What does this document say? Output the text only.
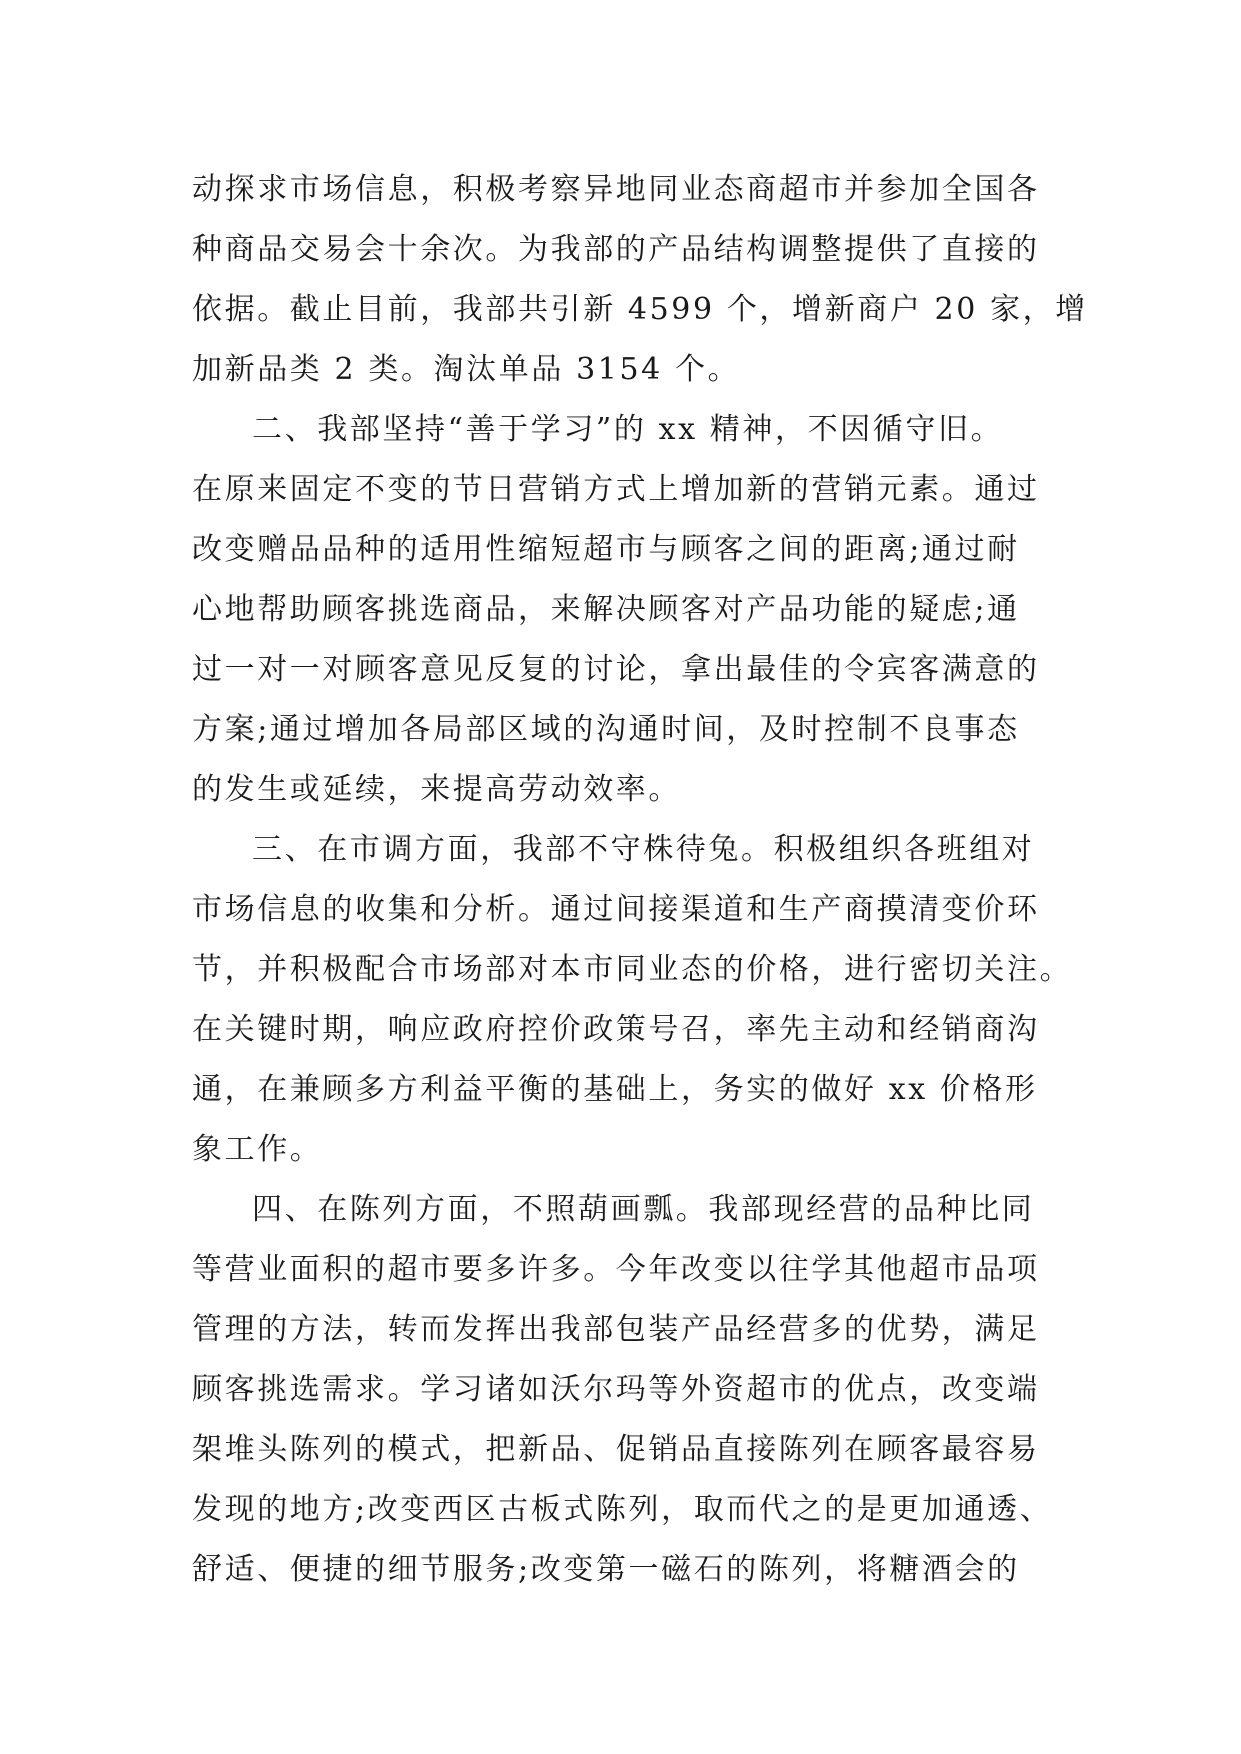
动探求市场信息，积极考察异地同业态商超市并参加全国各
种商品交易会十余次。为我部的产品结构调整提供了直接的
依据。截止目前，我部共引新 4599 个，增新商户 20 家，增
加新品类 2 类。淘汰单品 3154 个。
二、我部坚持“善于学习”的 xx 精神，不因循守旧。
在原来固定不变的节日营销方式上增加新的营销元素。通过
改变赠品品种的适用性缩短超市与顾客之间的距离;通过耐
心地帮助顾客挑选商品，来解决顾客对产品功能的疑虑;通
过一对一对顾客意见反复的讨论，拿出最佳的令宾客满意的
方案;通过增加各局部区域的沟通时间，及时控制不良事态
的发生或延续，来提高劳动效率。
三、在市调方面，我部不守株待兔。积极组织各班组对
市场信息的收集和分析。通过间接渠道和生产商摸清变价环
节，并积极配合市场部对本市同业态的价格，进行密切关注。
在关键时期，响应政府控价政策号召，率先主动和经销商沟
通，在兼顾多方利益平衡的基础上，务实的做好 xx 价格形
象工作。
四、在陈列方面，不照葫画瓢。我部现经营的品种比同
等营业面积的超市要多许多。今年改变以往学其他超市品项
管理的方法，转而发挥出我部包装产品经营多的优势，满足
顾客挑选需求。学习诸如沃尔玛等外资超市的优点，改变端
架堆头陈列的模式，把新品、促销品直接陈列在顾客最容易
发现的地方;改变西区古板式陈列，取而代之的是更加通透、
舒适、便捷的细节服务;改变第一磁石的陈列，将糖酒会的
